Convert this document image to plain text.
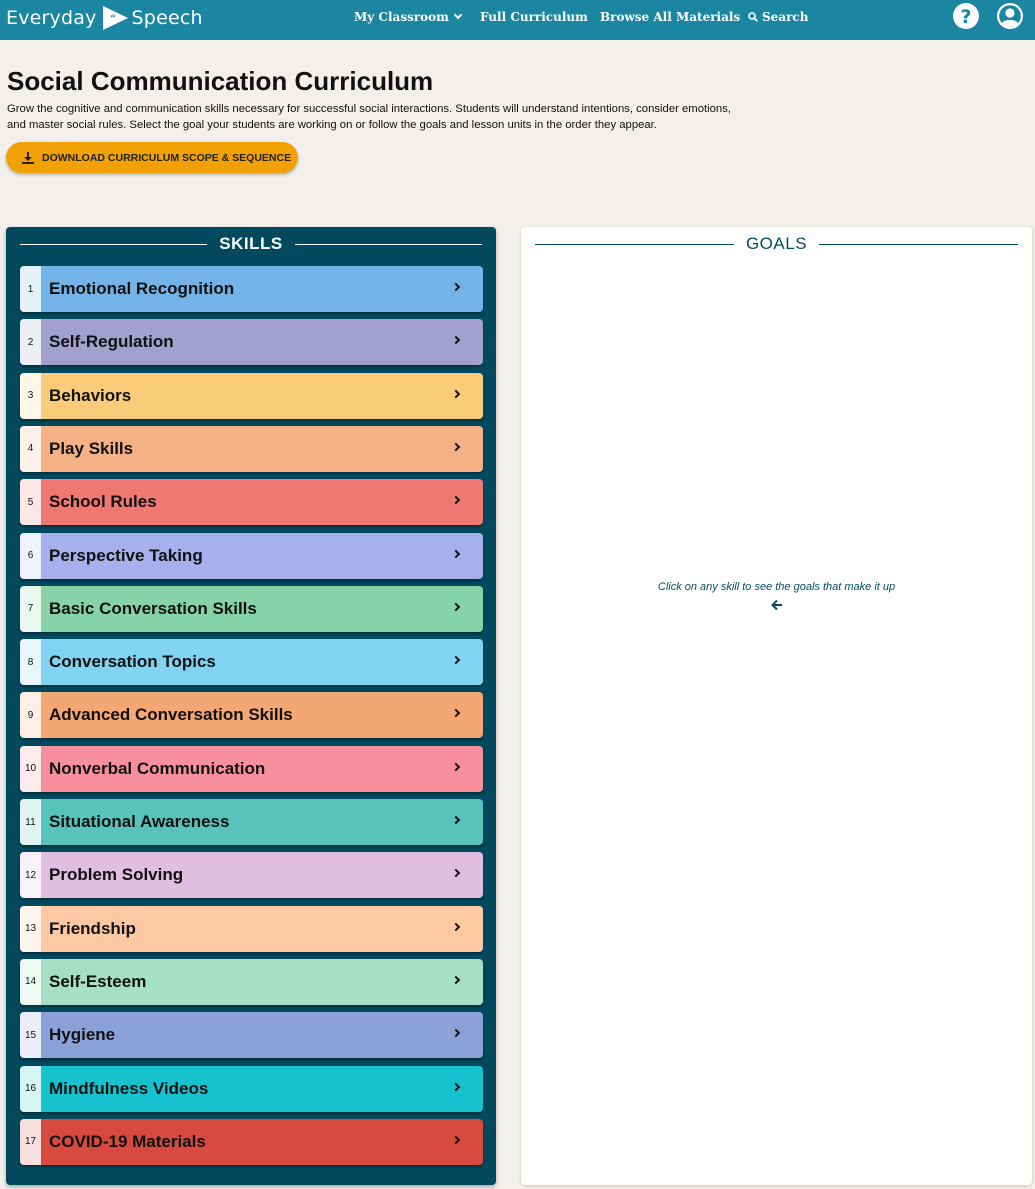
Everyday “ Speech	My Classroom	Full Curriculum Browse All Materials Search	?
Social Communication Curriculum

Grow the cognitive and communication skills necessary for successful social interactions. Students will understand intentions, consider emotions, and master social rules. Select the goal your students are working on or follow the goals and lesson units in the order they appear.

DOWNLOAD CURRICULUM SCOPE & SEQUENCE
SKILLS
1 Emotional Recognition
2 Self-Regulation
3 Behaviors
4 Play Skills
5 School Rules
6 Perspective Taking
7 Basic Conversation Skills
8 Conversation Topics
9 Advanced Conversation Skills
10 Nonverbal Communication
11 Situational Awareness
12 Problem Solving
13 Friendship
14 Self-Esteem
15 Hygiene
16 Mindfulness Videos
17 COVID-19 Materials
GOALS
Click on any skill to see the goals that make it up
